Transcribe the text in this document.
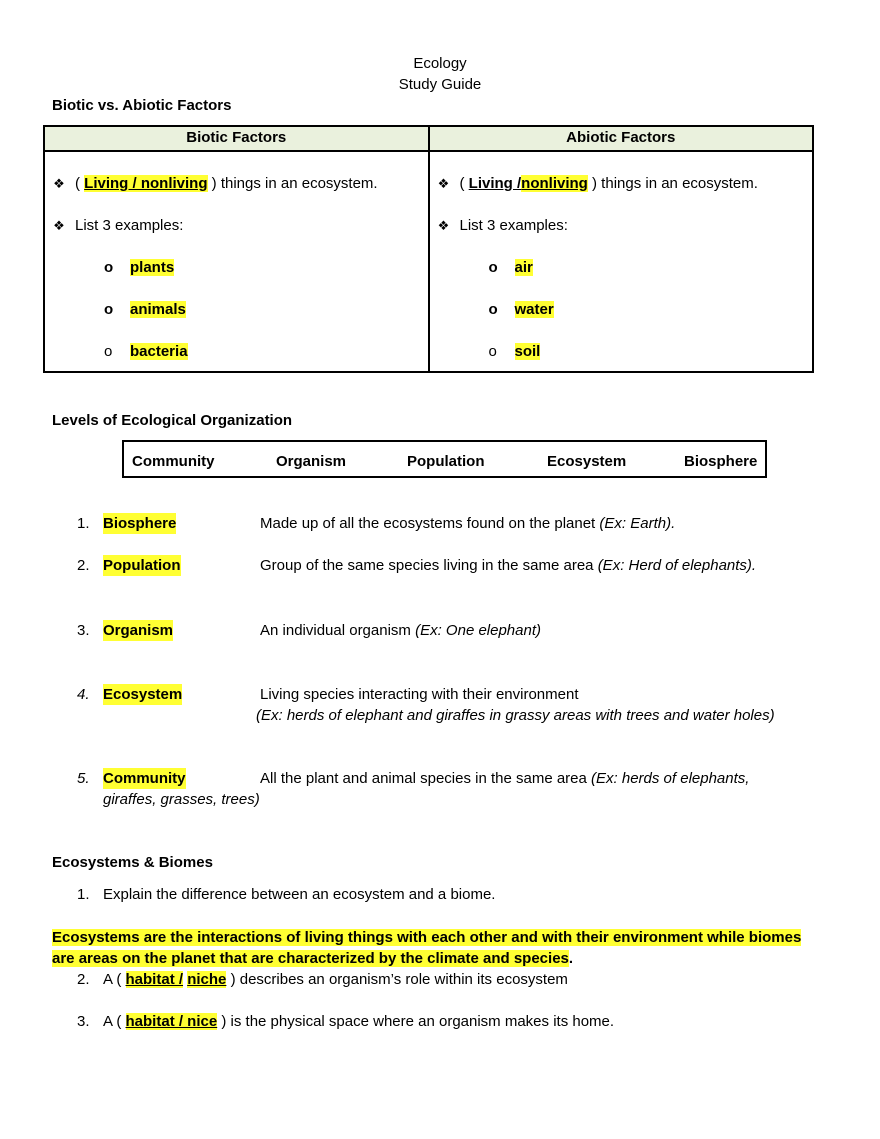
Ecology
Study Guide
Biotic vs. Abiotic Factors
Biotic Factors	Abiotic Factors
❖ ( Living / nonliving ) things in an ecosystem.
❖ List 3 examples:
o plants
o animals
o bacteria
❖ ( Living /nonliving ) things in an ecosystem.
❖ List 3 examples:
o air
o water
o soil
Levels of Ecological Organization
Community	Organism	Population	Ecosystem	Biosphere
1. Biosphere	Made up of all the ecosystems found on the planet (Ex: Earth).
2. Population	Group of the same species living in the same area (Ex: Herd of elephants).
3. Organism	An individual organism (Ex: One elephant)
4. Ecosystem	Living species interacting with their environment
(Ex: herds of elephant and giraffes in grassy areas with trees and water holes)
5. Community	All the plant and animal species in the same area (Ex: herds of elephants,
giraffes, grasses, trees)
Ecosystems & Biomes
1. Explain the difference between an ecosystem and a biome.
Ecosystems are the interactions of living things with each other and with their environment while biomes
are areas on the planet that are characterized by the climate and species.
2. A ( habitat / niche ) describes an organism’s role within its ecosystem
3. A ( habitat / nice ) is the physical space where an organism makes its home.
